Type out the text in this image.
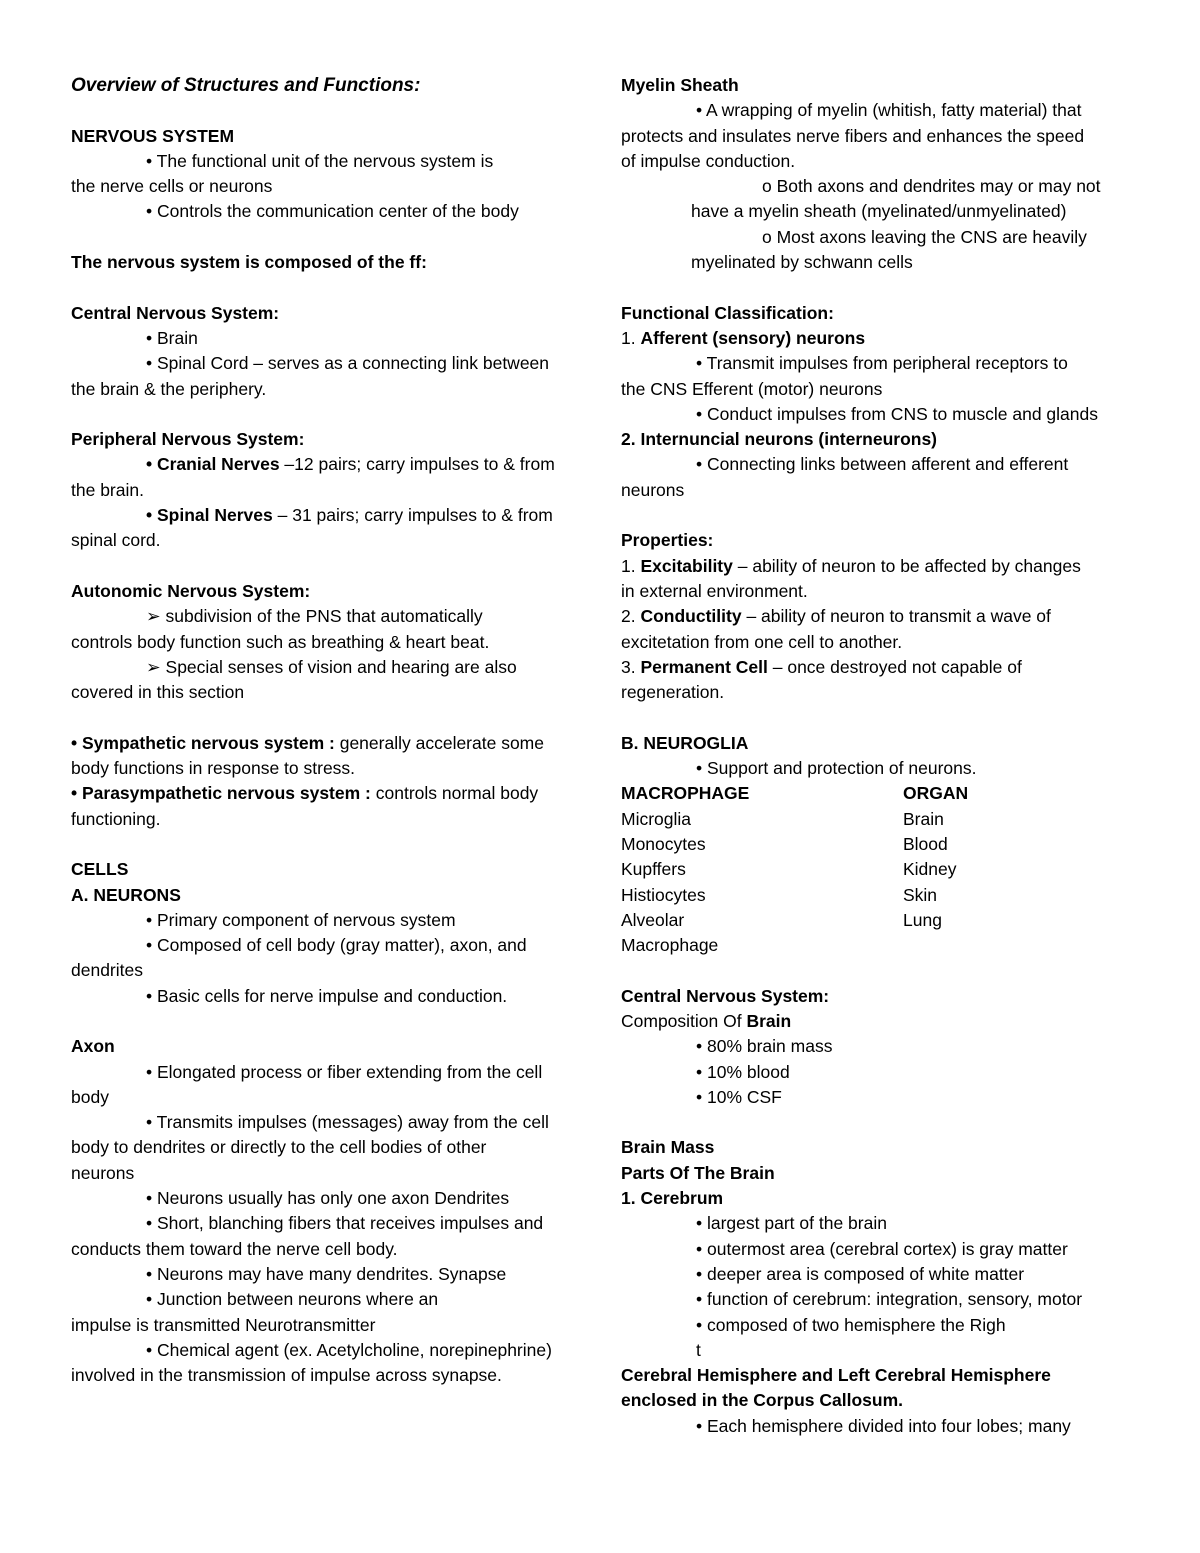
Overview of Structures and Functions:
NERVOUS SYSTEM
• The functional unit of the nervous system is
the nerve cells or neurons
• Controls the communication center of the body
The nervous system is composed of the ff:
Central Nervous System:
• Brain
• Spinal Cord – serves as a connecting link between
the brain & the periphery.
Peripheral Nervous System:
• Cranial Nerves –12 pairs; carry impulses to & from
the brain.
• Spinal Nerves – 31 pairs; carry impulses to & from
spinal cord.
Autonomic Nervous System:
➢ subdivision of the PNS that automatically
controls body function such as breathing & heart beat.
➢ Special senses of vision and hearing are also
covered in this section
• Sympathetic nervous system : generally accelerate some
body functions in response to stress.
• Parasympathetic nervous system : controls normal body
functioning.
CELLS
A. NEURONS
• Primary component of nervous system
• Composed of cell body (gray matter), axon, and
dendrites
• Basic cells for nerve impulse and conduction.
Axon
• Elongated process or fiber extending from the cell
body
• Transmits impulses (messages) away from the cell
body to dendrites or directly to the cell bodies of other
neurons
• Neurons usually has only one axon Dendrites
• Short, blanching fibers that receives impulses and
conducts them toward the nerve cell body.
• Neurons may have many dendrites. Synapse
• Junction between neurons where an
impulse is transmitted Neurotransmitter
• Chemical agent (ex. Acetylcholine, norepinephrine)
involved in the transmission of impulse across synapse.
Myelin Sheath
• A wrapping of myelin (whitish, fatty material) that
protects and insulates nerve fibers and enhances the speed
of impulse conduction.
o Both axons and dendrites may or may not
have a myelin sheath (myelinated/unmyelinated)
o Most axons leaving the CNS are heavily
myelinated by schwann cells
Functional Classification:
1. Afferent (sensory) neurons
• Transmit impulses from peripheral receptors to
the CNS Efferent (motor) neurons
• Conduct impulses from CNS to muscle and glands
2. Internuncial neurons (interneurons)
• Connecting links between afferent and efferent
neurons
Properties:
1. Excitability – ability of neuron to be affected by changes
in external environment.
2. Conductility – ability of neuron to transmit a wave of
excitetation from one cell to another.
3. Permanent Cell – once destroyed not capable of
regeneration.
B. NEUROGLIA
• Support and protection of neurons.
MACROPHAGE	ORGAN
Microglia	Brain
Monocytes	Blood
Kupffers	Kidney
Histiocytes	Skin
Alveolar	Lung
Macrophage
Central Nervous System:
Composition Of Brain
• 80% brain mass
• 10% blood
• 10% CSF
Brain Mass
Parts Of The Brain
1. Cerebrum
• largest part of the brain
• outermost area (cerebral cortex) is gray matter
• deeper area is composed of white matter
• function of cerebrum: integration, sensory, motor
• composed of two hemisphere the Righ
t
Cerebral Hemisphere and Left Cerebral Hemisphere
enclosed in the Corpus Callosum.
• Each hemisphere divided into four lobes; many
